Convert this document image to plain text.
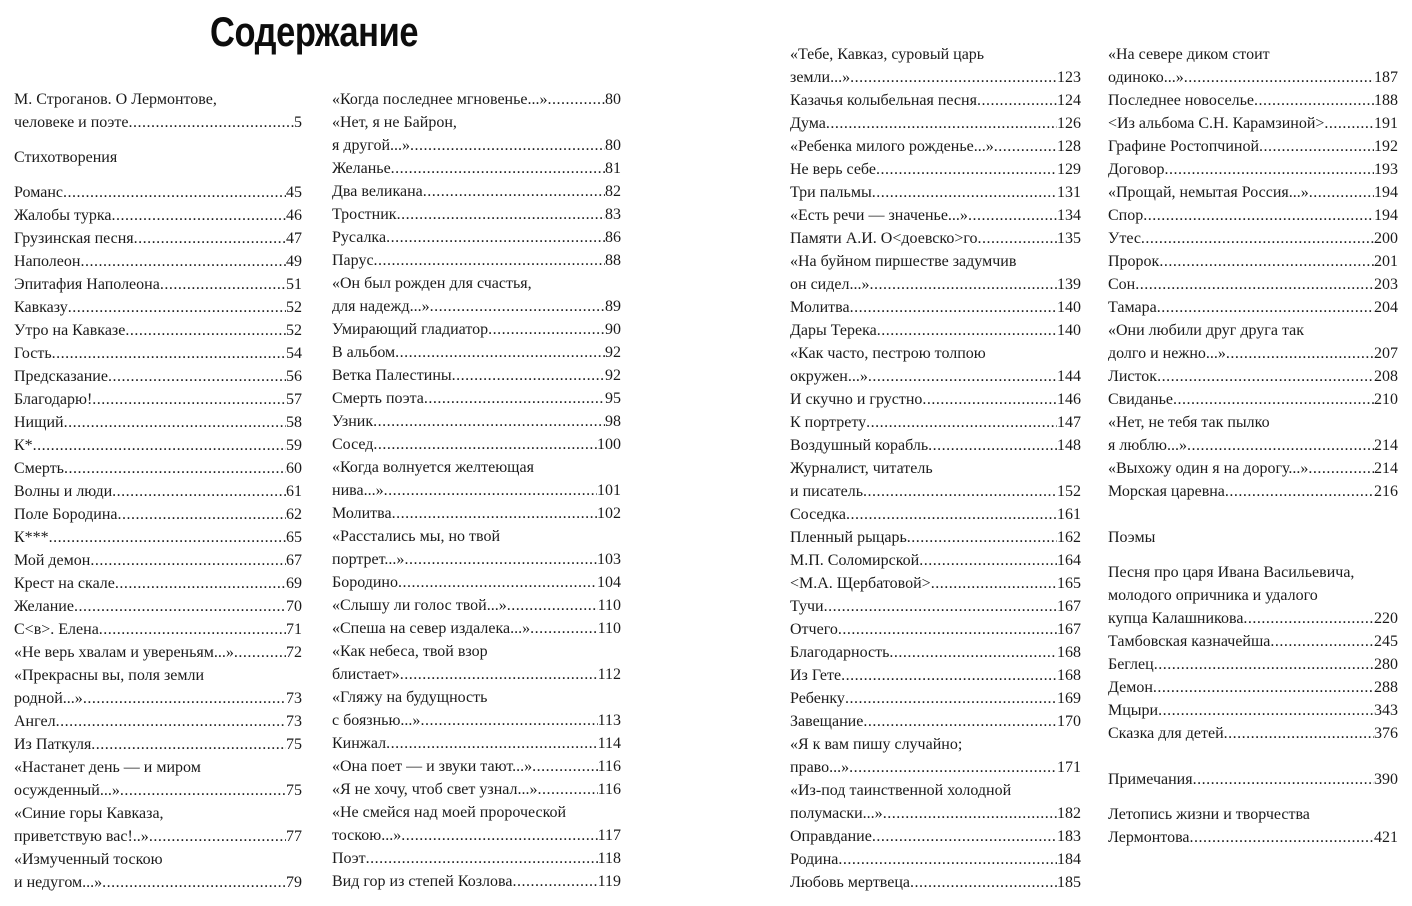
Содержание
М. Строганов. О Лермонтове,
человеке и поэте .....	5
Стихотворения
Романс .....	45
Жалобы турка .....	46
Грузинская песня .....	47
Наполеон .....	49
Эпитафия Наполеона .....	51
Кавказу .....	52
Утро на Кавказе .....	52
Гость .....	54
Предсказание .....	56
Благодарю! .....	57
Нищий .....	58
К* .....	59
Смерть .....	60
Волны и люди .....	61
Поле Бородина .....	62
К*** .....	65
Мой демон .....	67
Крест на скале .....	69
Желание .....	70
С<в>. Елена .....	71
«Не верь хвалам и увереньям...» .....	72
«Прекрасны вы, поля земли
родной...» .....	73
Ангел .....	73
Из Паткуля .....	75
«Настанет день — и миром
осужденный...» .....	75
«Синие горы Кавказа,
приветствую вас!..» .....	77
«Измученный тоскою
и недугом...» .....	79
«Когда последнее мгновенье...» .....	80
«Нет, я не Байрон,
я другой...» .....	80
Желанье .....	81
Два великана .....	82
Тростник .....	83
Русалка .....	86
Парус .....	88
«Он был рожден для счастья,
для надежд...» .....	89
Умирающий гладиатор .....	90
В альбом .....	92
Ветка Палестины .....	92
Смерть поэта .....	95
Узник .....	98
Сосед .....	100
«Когда волнуется желтеющая
нива...» .....	101
Молитва .....	102
«Расстались мы, но твой
портрет...» .....	103
Бородино .....	104
«Слышу ли голос твой...» .....	110
«Спеша на север издалека...» .....	110
«Как небеса, твой взор
блистает» .....	112
«Гляжу на будущность
с боязнью...» .....	113
Кинжал .....	114
«Она поет — и звуки тают...» .....	116
«Я не хочу, чтоб свет узнал...» .....	116
«Не смейся над моей пророческой
тоскою...» .....	117
Поэт .....	118
Вид гор из степей Козлова .....	119
«Тебе, Кавказ, суровый царь
земли...» .....	123
Казачья колыбельная песня .....	124
Дума .....	126
«Ребенка милого рожденье...» .....	128
Не верь себе .....	129
Три пальмы .....	131
«Есть речи — значенье...» .....	134
Памяти А.И. О<доевско>го .....	135
«На буйном пиршестве задумчив
он сидел...» .....	139
Молитва .....	140
Дары Терека .....	140
«Как часто, пестрою толпою
окружен...» .....	144
И скучно и грустно .....	146
К портрету .....	147
Воздушный корабль .....	148
Журналист, читатель
и писатель .....	152
Соседка .....	161
Пленный рыцарь .....	162
М.П. Соломирской .....	164
<М.А. Щербатовой> .....	165
Тучи .....	167
Отчего .....	167
Благодарность .....	168
Из Гете .....	168
Ребенку .....	169
Завещание .....	170
«Я к вам пишу случайно;
право...» .....	171
«Из-под таинственной холодной
полумаски...» .....	182
Оправдание .....	183
Родина .....	184
Любовь мертвеца .....	185
«На севере диком стоит
одиноко...» .....	187
Последнее новоселье .....	188
<Из альбома С.Н. Карамзиной> .....	191
Графине Ростопчиной .....	192
Договор .....	193
«Прощай, немытая Россия...» .....	194
Спор .....	194
Утес .....	200
Пророк .....	201
Сон .....	203
Тамара .....	204
«Они любили друг друга так
долго и нежно...» .....	207
Листок .....	208
Свиданье .....	210
«Нет, не тебя так пылко
я люблю...» .....	214
«Выхожу один я на дорогу...» .....	214
Морская царевна .....	216
Поэмы
Песня про царя Ивана Васильевича,
молодого опричника и удалого
купца Калашникова .....	220
Тамбовская казначейша .....	245
Беглец .....	280
Демон .....	288
Мцыри .....	343
Сказка для детей .....	376
Примечания .....	390
Летопись жизни и творчества
Лермонтова .....	421
